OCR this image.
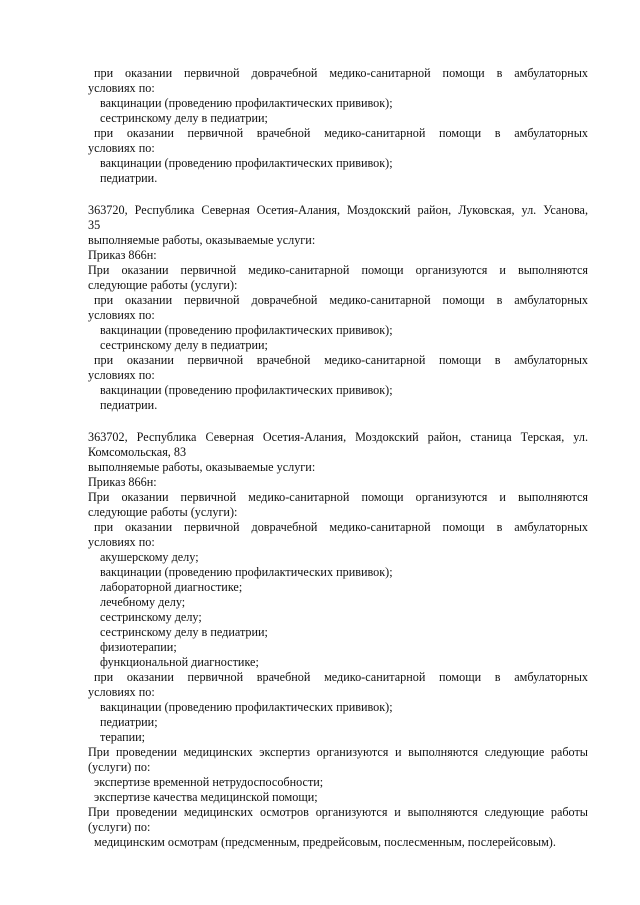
при оказании первичной доврачебной медико-санитарной помощи в амбулаторных
условиях по:
вакцинации (проведению профилактических прививок);
сестринскому делу в педиатрии;
при оказании первичной врачебной медико-санитарной помощи в амбулаторных
условиях по:
вакцинации (проведению профилактических прививок);
педиатрии.
363720, Республика Северная Осетия-Алания, Моздокский район, Луковская, ул. Усанова,
35
выполняемые работы, оказываемые услуги:
Приказ 866н:
При оказании первичной медико-санитарной помощи организуются и выполняются
следующие работы (услуги):
при оказании первичной доврачебной медико-санитарной помощи в амбулаторных
условиях по:
вакцинации (проведению профилактических прививок);
сестринскому делу в педиатрии;
при оказании первичной врачебной медико-санитарной помощи в амбулаторных
условиях по:
вакцинации (проведению профилактических прививок);
педиатрии.
363702, Республика Северная Осетия-Алания, Моздокский район, станица Терская, ул.
Комсомольская, 83
выполняемые работы, оказываемые услуги:
Приказ 866н:
При оказании первичной медико-санитарной помощи организуются и выполняются
следующие работы (услуги):
при оказании первичной доврачебной медико-санитарной помощи в амбулаторных
условиях по:
акушерскому делу;
вакцинации (проведению профилактических прививок);
лабораторной диагностике;
лечебному делу;
сестринскому делу;
сестринскому делу в педиатрии;
физиотерапии;
функциональной диагностике;
при оказании первичной врачебной медико-санитарной помощи в амбулаторных
условиях по:
вакцинации (проведению профилактических прививок);
педиатрии;
терапии;
При проведении медицинских экспертиз организуются и выполняются следующие работы
(услуги) по:
экспертизе временной нетрудоспособности;
экспертизе качества медицинской помощи;
При проведении медицинских осмотров организуются и выполняются следующие работы
(услуги) по:
медицинским осмотрам (предсменным, предрейсовым, послесменным, послерейсовым).
